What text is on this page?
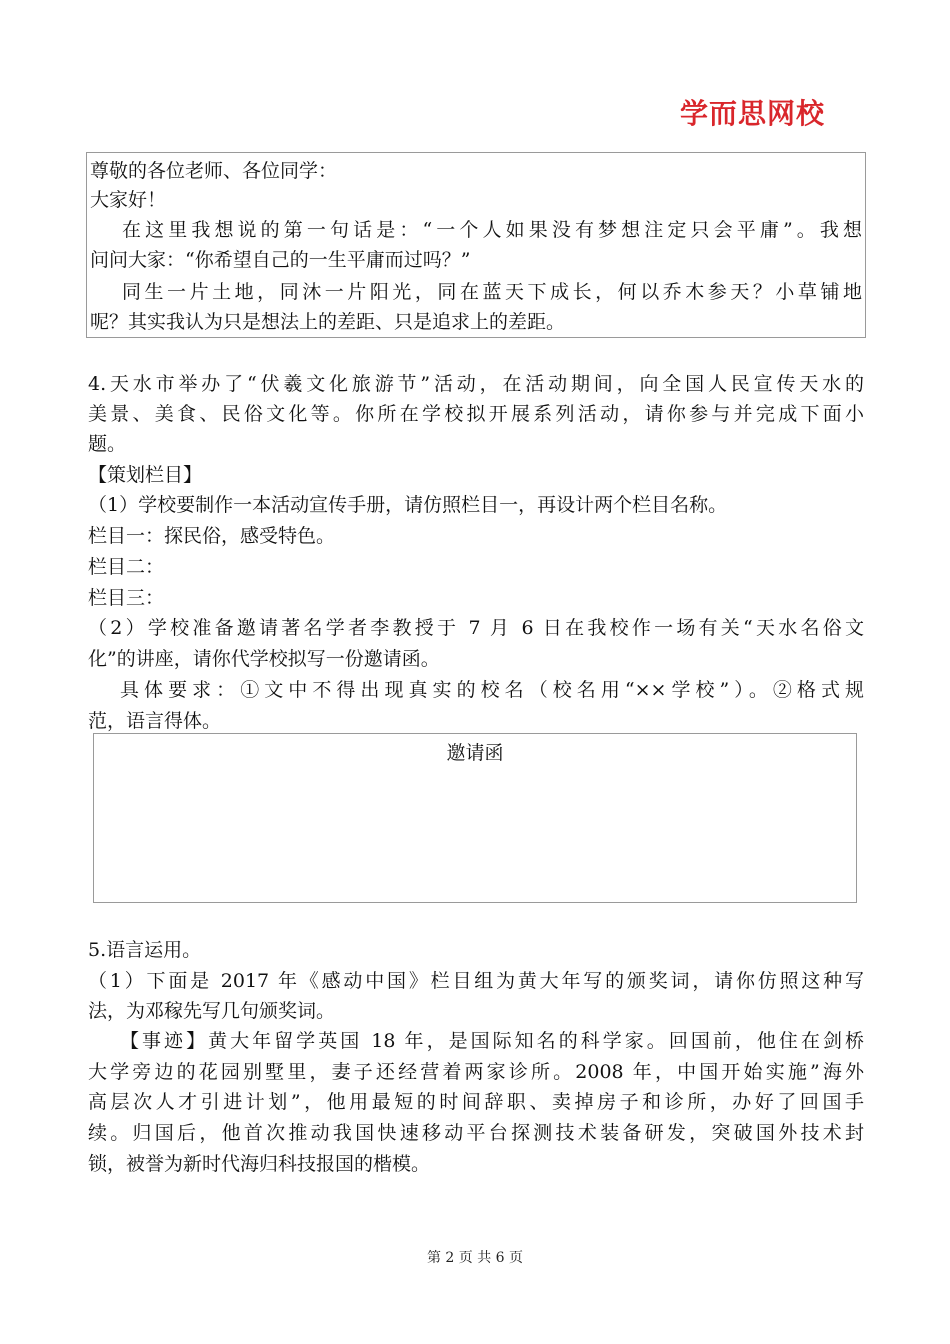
学而思网校
尊敬的各位老师、各位同学：
大家好！
在这里我想说的第一句话是：“一个人如果没有梦想注定只会平庸”。我想
问问大家：“你希望自己的一生平庸而过吗？”
同生一片土地，同沐一片阳光，同在蓝天下成长，何以乔木参天？小草铺地
呢？其实我认为只是想法上的差距、只是追求上的差距。
4.天水市举办了“伏羲文化旅游节”活动，在活动期间，向全国人民宣传天水的
美景、美食、民俗文化等。你所在学校拟开展系列活动，请你参与并完成下面小
题。
【策划栏目】
（1）学校要制作一本活动宣传手册，请仿照栏目一，再设计两个栏目名称。
栏目一：探民俗，感受特色。
栏目二：
栏目三：
（2）学校准备邀请著名学者李教授于 7 月 6 日在我校作一场有关“天水名俗文
化”的讲座，请你代学校拟写一份邀请函。
具体要求：①文中不得出现真实的校名（校名用“××学校”）。②格式规
范，语言得体。
邀请函
5.语言运用。
（1）下面是 2017 年《感动中国》栏目组为黄大年写的颁奖词，请你仿照这种写
法，为邓稼先写几句颁奖词。
【事迹】黄大年留学英国 18 年，是国际知名的科学家。回国前，他住在剑桥
大学旁边的花园别墅里，妻子还经营着两家诊所。2008 年，中国开始实施”海外
高层次人才引进计划”，他用最短的时间辞职、卖掉房子和诊所，办好了回国手
续。归国后，他首次推动我国快速移动平台探测技术装备研发，突破国外技术封
锁，被誉为新时代海归科技报国的楷模。
第 2 页 共 6 页
